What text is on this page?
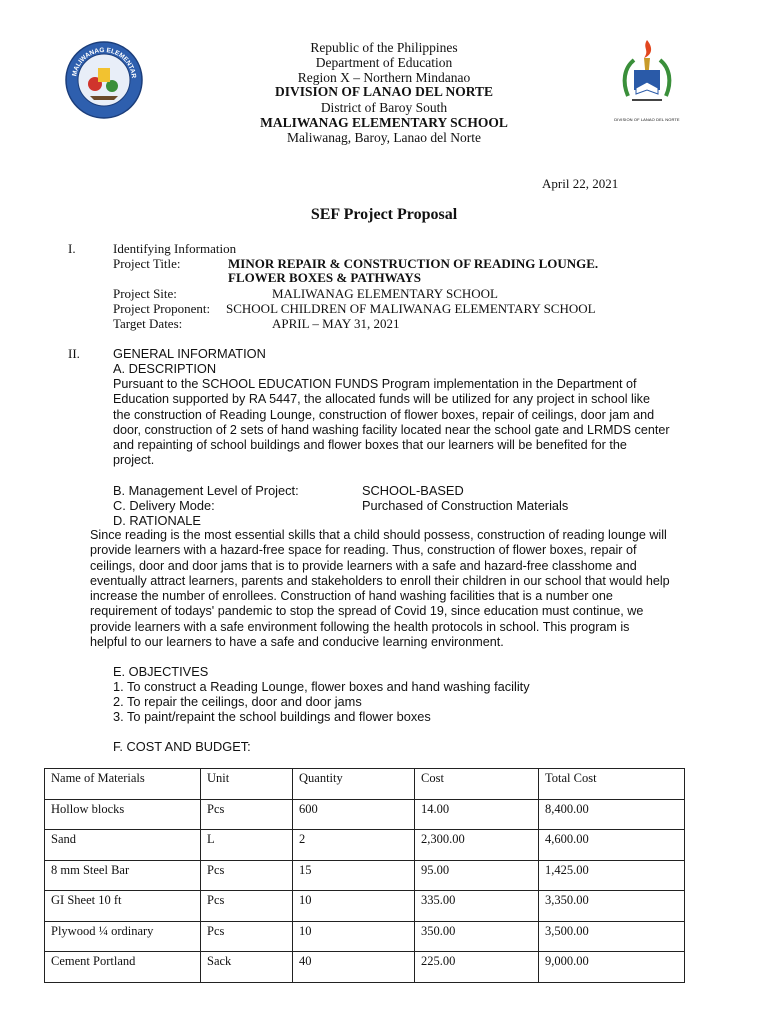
MALIWANAG ELEMENTAR
DIVISION OF LANAO DEL NORTE
Republic of the Philippines
Department of Education
Region X – Northern Mindanao
DIVISION OF LANAO DEL NORTE
District of Baroy South
MALIWANAG ELEMENTARY SCHOOL
Maliwanag, Baroy, Lanao del Norte
April 22, 2021
SEF Project Proposal
I.	Identifying Information
Project Title:	MINOR REPAIR & CONSTRUCTION OF READING LOUNGE.
FLOWER BOXES & PATHWAYS
Project Site:	MALIWANAG ELEMENTARY SCHOOL
Project Proponent: SCHOOL CHILDREN OF MALIWANAG ELEMENTARY SCHOOL
Target Dates:	APRIL – MAY 31, 2021
II.	GENERAL INFORMATION
A. DESCRIPTION
Pursuant to the SCHOOL EDUCATION FUNDS Program implementation in the Department of
Education supported by RA 5447, the allocated funds will be utilized for any project in school like
the construction of Reading Lounge, construction of flower boxes, repair of ceilings, door jam and
door, construction of 2 sets of hand washing facility located near the school gate and LRMDS center
and repainting of school buildings and flower boxes that our learners will be benefited for the
project.
B. Management Level of Project:	SCHOOL-BASED
C. Delivery Mode:	Purchased of Construction Materials
D. RATIONALE
Since reading is the most essential skills that a child should possess, construction of reading lounge will
provide learners with a hazard-free space for reading. Thus, construction of flower boxes, repair of
ceilings, door and door jams that is to provide learners with a safe and hazard-free classhome and
eventually attract learners, parents and stakeholders to enroll their children in our school that would help
increase the number of enrollees. Construction of hand washing facilities that is a number one
requirement of todays' pandemic to stop the spread of Covid 19, since education must continue, we
provide learners with a safe environment following the health protocols in school. This program is
helpful to our learners to have a safe and conducive learning environment.
E. OBJECTIVES
1. To construct a Reading Lounge, flower boxes and hand washing facility
2. To repair the ceilings, door and door jams
3. To paint/repaint the school buildings and flower boxes
F. COST AND BUDGET:
Name of Materials	Unit	Quantity	Cost	Total Cost
Hollow blocks	Pcs	600	14.00	8,400.00
Sand	L	2	2,300.00	4,600.00
8 mm Steel Bar	Pcs	15	95.00	1,425.00
GI Sheet 10 ft	Pcs	10	335.00	3,350.00
Plywood ¼ ordinary	Pcs	10	350.00	3,500.00
Cement Portland	Sack	40	225.00	9,000.00
